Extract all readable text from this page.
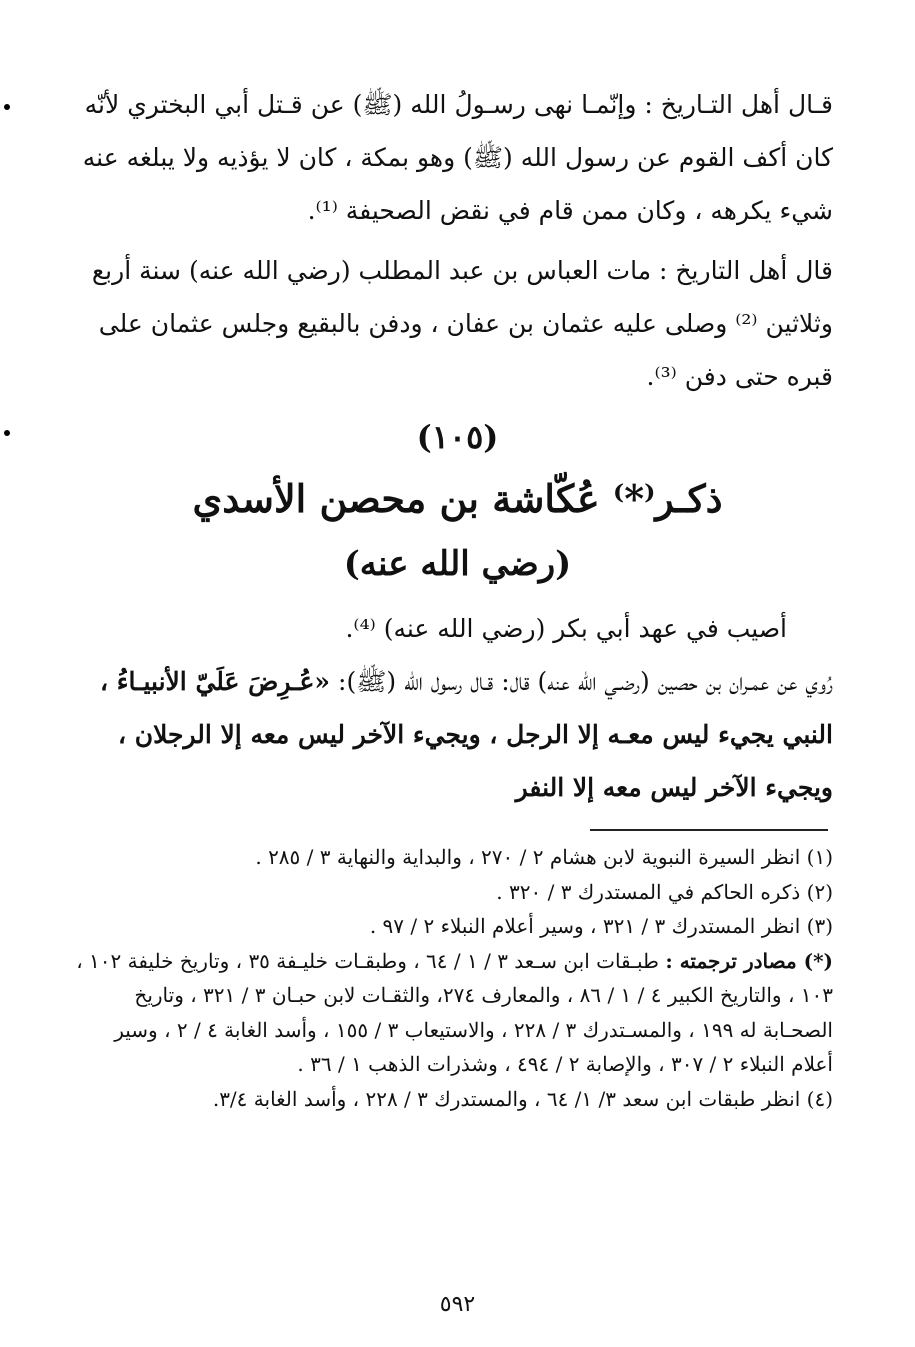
قـال أهل التـاريخ : وإنّمـا نهى رسـولُ الله (ﷺ) عن قـتل أبي البختري لأنّه كان أكف القوم عن رسول الله (ﷺ) وهو بمكة ، كان لا يؤذيه ولا يبلغه عنه شيء يكرهه ، وكان ممن قام في نقض الصحيفة ⁽¹⁾.

قال أهل التاريخ : مات العباس بن عبد المطلب (رضي الله عنه) سنة أربع وثلاثين ⁽²⁾ وصلى عليه عثمان بن عفان ، ودفن بالبقيع وجلس عثمان على قبره حتى دفن ⁽³⁾.

(١٠٥)
ذكـر⁽*⁾ عُكّاشة بن محصن الأسدي
(رضي الله عنه)

أصيب في عهد أبي بكر (رضي الله عنه) ⁽⁴⁾.

رُوي عن عمـران بن حصين (رضـي الله عنه) قال: قـال رسول الله (ﷺ): «عُـرِضَ عَلَيّ الأنبيـاءُ ، النبي يجيء ليس معـه إلا الرجل ، ويجيء الآخر ليس معه إلا الرجلان ، ويجيء الآخر ليس معه إلا النفر

(١) انظر السيرة النبوية لابن هشام ٢ / ٢٧٠ ، والبداية والنهاية ٣ / ٢٨٥ .

(٢) ذكره الحاكم في المستدرك ٣ / ٣٢٠ .

(٣) انظر المستدرك ٣ / ٣٢١ ، وسير أعلام النبلاء ٢ / ٩٧ .

(*) مصادر ترجمته : طبـقات ابن سـعد ٣ / ١ / ٦٤ ، وطبقـات خليـفة ٣٥ ، وتاريخ خليفة ١٠٢ ، ١٠٣ ، والتاريخ الكبير ٤ / ١ / ٨٦ ، والمعارف ٢٧٤، والثقـات لابن حبـان ٣ / ٣٢١ ، وتاريخ الصحـابة له ١٩٩ ، والمسـتدرك ٣ / ٢٢٨ ، والاستيعاب ٣ / ١٥٥ ، وأسد الغابة ٤ / ٢ ، وسير أعلام النبلاء ٢ / ٣٠٧ ، والإصابة ٢ / ٤٩٤ ، وشذرات الذهب ١ / ٣٦ .

(٤) انظر طبقات ابن سعد ٣/ ١/ ٦٤ ، والمستدرك ٣ / ٢٢٨ ، وأسد الغابة ٣/٤.

٥٩٢
